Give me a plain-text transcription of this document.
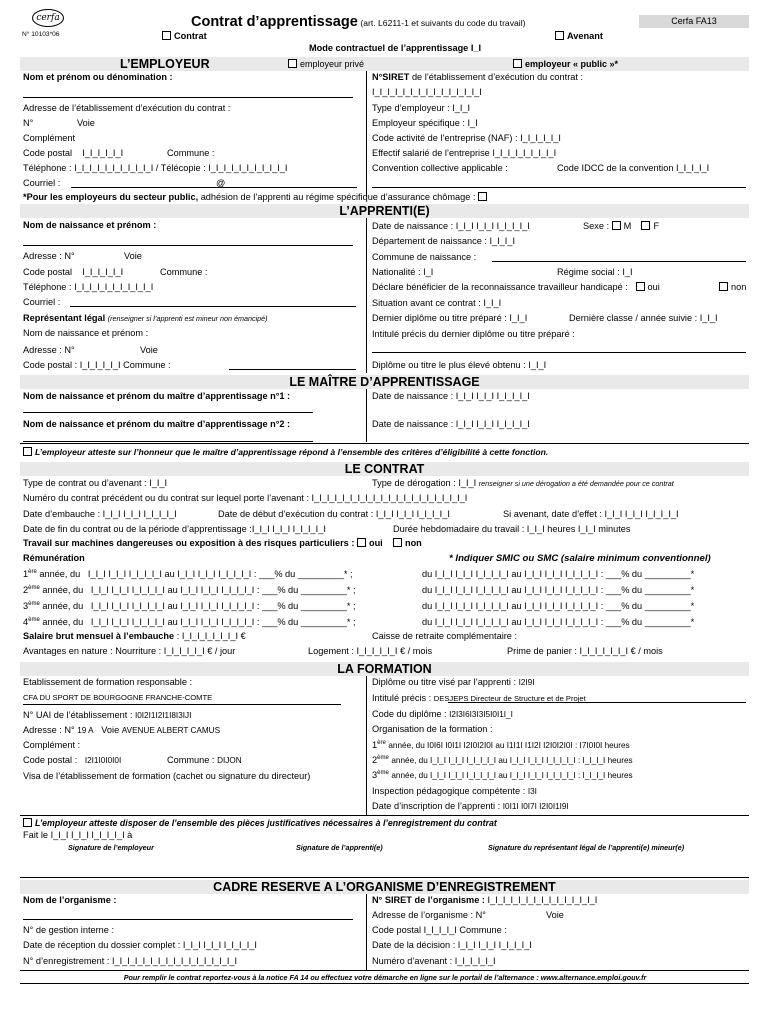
cerfa
N° 10103*06
Contrat d’apprentissage (art. L6211-1 et suivants du code du travail)	Cerfa FA13
Contrat	Avenant
Mode contractuel de l’apprentissage I_I
L’EMPLOYEUR	employeur privé	employeur « public »*
Nom et prénom ou dénomination :
Adresse de l’établissement d’exécution du contrat :
N°	Voie
Complément
Code postal I_I_I_I_I_I	Commune :
Téléphone : I_I_I_I_I_I_I_I_I_I_I / Télécopie : I_I_I_I_I_I_I_I_I_I_I
Courriel :	@
N°SIRET de l’établissement d’exécution du contrat :
I_I_I_I_I_I_I_I_I_I_I_I_I_I_I
Type d’employeur : I_I_I
Employeur spécifique : I_I
Code activité de l’entreprise (NAF) : I_I_I_I_I_I
Effectif salarié de l’entreprise I_I_I_I_I_I_I_I_I
Convention collective applicable :	Code IDCC de la convention I_I_I_I_I
*Pour les employeurs du secteur public, adhésion de l’apprenti au régime spécifique d’assurance chômage :
L’APPRENTI(E)
Nom de naissance et prénom :
Adresse : N°	Voie
Code postal I_I_I_I_I_I	Commune :
Téléphone : I_I_I_I_I_I_I_I_I_I_I
Courriel :
Représentant légal (renseigner si l’apprenti est mineur non émancipé)
Nom de naissance et prénom :
Adresse : N°	Voie
Code postal : I_I_I_I_I_I Commune :
Date de naissance : I_I_I I_I_I I_I_I_I_I	Sexe : M F
Département de naissance : I_I_I_I
Commune de naissance :
Nationalité : I_I	Régime social : I_I
Déclare bénéficier de la reconnaissance travailleur handicapé : oui	non
Situation avant ce contrat : I_I_I
Dernier diplôme ou titre préparé : I_I_I	Dernière classe / année suivie : I_I_I
Intitulé précis du dernier diplôme ou titre préparé :
Diplôme ou titre le plus élevé obtenu : I_I_I
LE MAÎTRE D’APPRENTISSAGE
Nom de naissance et prénom du maître d’apprentissage n°1 :	Date de naissance : I_I_I I_I_I I_I_I_I_I
Nom de naissance et prénom du maître d’apprentissage n°2 :	Date de naissance : I_I_I I_I_I I_I_I_I_I
L’employeur atteste sur l’honneur que le maître d’apprentissage répond à l’ensemble des critères d’éligibilité à cette fonction.
LE CONTRAT
Type de contrat ou d’avenant : I_I_I	Type de dérogation : I_I_I renseigner si une dérogation a été demandée pour ce contrat
Numéro du contrat précédent ou du contrat sur lequel porte l’avenant : I_I_I_I_I_I_I_I_I_I_I_I_I_I_I_I_I_I_I_I_I
Date d’embauche : I_I_I I_I_I I_I_I_I_I	Date de début d’exécution du contrat : I_I_I I_I_I I_I_I_I_I	Si avenant, date d’effet : I_I_I I_I_I I_I_I_I_I
Date de fin du contrat ou de la période d’apprentissage :I_I_I I_I_I I_I_I_I_I	Durée hebdomadaire du travail : I_I_I heures I_I_I minutes
Travail sur machines dangereuses ou exposition à des risques particuliers : oui non
Rémunération	* Indiquer SMIC ou SMC (salaire minimum conventionnel)
1ère année, du I_I_I I_I_I I_I_I_I_I au I_I_I I_I_I I_I_I_I_I : ___% du _________* ;	du I_I_I I_I_I I_I_I_I_I au I_I_I I_I_I I_I_I_I_I : ___% du _________*
2ème année, du I_I_I I_I_I I_I_I_I_I au I_I_I I_I_I I_I_I_I_I : ___% du _________* ;	du I_I_I I_I_I I_I_I_I_I au I_I_I I_I_I I_I_I_I_I : ___% du _________*
3ème année, du I_I_I I_I_I I_I_I_I_I au I_I_I I_I_I I_I_I_I_I : ___% du _________* ;	du I_I_I I_I_I I_I_I_I_I au I_I_I I_I_I I_I_I_I_I : ___% du _________*
4ème année, du I_I_I I_I_I I_I_I_I_I au I_I_I I_I_I I_I_I_I_I : ___% du _________* ;	du I_I_I I_I_I I_I_I_I_I au I_I_I I_I_I I_I_I_I_I : ___% du _________*
Salaire brut mensuel à l’embauche : I_I_I_I_I_I_I_I €	Caisse de retraite complémentaire :
Avantages en nature : Nourriture : I_I_I_I_I_I € / jour	Logement : I_I_I_I_I_I € / mois	Prime de panier : I_I_I_I_I_I_I € / mois
LA FORMATION
Etablissement de formation responsable :
CFA DU SPORT DE BOURGOGNE FRANCHE-COMTE
N° UAI de l’établissement : I0I2I1I2I1I8I3IJI
Adresse : N° 19 A Voie AVENUE ALBERT CAMUS
Complément :
Code postal : I2I1I0I0I0I	Commune : DIJON
Visa de l’établissement de formation (cachet ou signature du directeur)
Diplôme ou titre visé par l’apprenti : I2I9I
Intitulé précis : DESJEPS Directeur de Structure et de Projet
Code du diplôme : I2I3I6I3I3I5I0I1I_I
Organisation de la formation :
1ère année, du I0I6I I0I1I I2I0I2I0I au I1I1I I1I2I I2I0I2I0I : I7I0I0I heures
2ème année, du I_I_I I_I_I I_I_I_I_I au I_I_I I_I_I I_I_I_I_I : I_I_I_I heures
3ème année, du I_I_I I_I_I I_I_I_I_I au I_I_I I_I_I I_I_I_I_I : I_I_I_I heures
Inspection pédagogique compétente : I3I
Date d’inscription de l’apprenti : I0I1I I0I7I I2I0I1I9I
L’employeur atteste disposer de l’ensemble des pièces justificatives nécessaires à l’enregistrement du contrat
Fait le I_I_I I_I_I I_I_I_I_I à
Signature de l’employeur	Signature de l’apprenti(e)	Signature du représentant légal de l’apprenti(e) mineur(e)
CADRE RESERVE A L’ORGANISME D’ENREGISTREMENT
Nom de l’organisme :
N° de gestion interne :
Date de réception du dossier complet : I_I_I I_I_I I_I_I_I_I
N° d’enregistrement : I_I_I_I_I_I_I_I_I_I_I_I_I_I_I_I_I
N° SIRET de l’organisme : I_I_I_I_I_I_I_I_I_I_I_I_I_I_I
Adresse de l’organisme : N°	Voie
Code postal I_I_I_I_I Commune :
Date de la décision : I_I_I I_I_I I_I_I_I_I
Numéro d’avenant : I_I_I_I_I_I
Pour remplir le contrat reportez-vous à la notice FA 14 ou effectuez votre démarche en ligne sur le portail de l’alternance : www.alternance.emploi.gouv.fr
